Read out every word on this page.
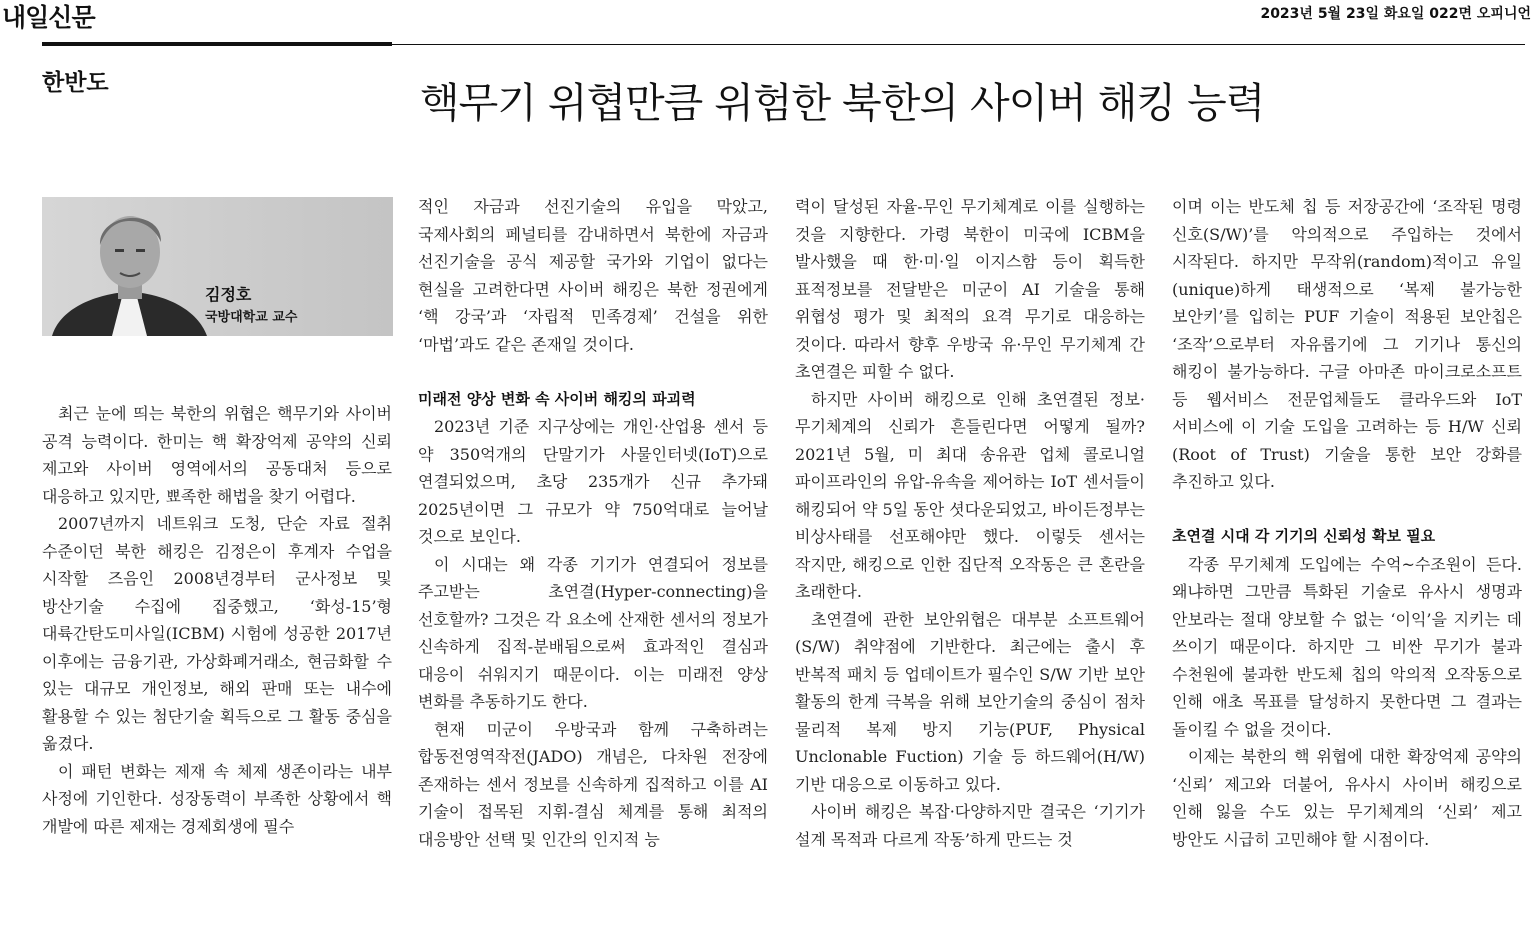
내일신문	2023년 5월 23일 화요일 022면 오피니언
한반도	핵무기 위협만큼 위험한 북한의 사이버 해킹 능력
김정호
국방대학교 교수

최근 눈에 띄는 북한의 위협은 핵무기와 사이버 공격 능력이다. 한미는 핵 확장억제 공약의 신뢰 제고와 사이버 영역에서의 공동대처 등으로 대응하고 있지만, 뾰족한 해법을 찾기 어렵다.

2007년까지 네트워크 도청, 단순 자료 절취 수준이던 북한 해킹은 김정은이 후계자 수업을 시작할 즈음인 2008년경부터 군사정보 및 방산기술 수집에 집중했고, ‘화성-15’형 대륙간탄도미사일(ICBM) 시험에 성공한 2017년 이후에는 금융기관, 가상화폐거래소, 현금화할 수 있는 대규모 개인정보, 해외 판매 또는 내수에 활용할 수 있는 첨단기술 획득으로 그 활동 중심을 옮겼다.

이 패턴 변화는 제재 속 체제 생존이라는 내부 사정에 기인한다. 성장동력이 부족한 상황에서 핵 개발에 따른 제재는 경제회생에 필수

적인 자금과 선진기술의 유입을 막았고, 국제사회의 페널티를 감내하면서 북한에 자금과 선진기술을 공식 제공할 국가와 기업이 없다는 현실을 고려한다면 사이버 해킹은 북한 정권에게 ‘핵 강국’과 ‘자립적 민족경제’ 건설을 위한 ‘마법’과도 같은 존재일 것이다.

미래전 양상 변화 속 사이버 해킹의 파괴력

2023년 기준 지구상에는 개인·산업용 센서 등 약 350억개의 단말기가 사물인터넷(IoT)으로 연결되었으며, 초당 235개가 신규 추가돼 2025년이면 그 규모가 약 750억대로 늘어날 것으로 보인다.

이 시대는 왜 각종 기기가 연결되어 정보를 주고받는 초연결(Hyper-connecting)을 선호할까? 그것은 각 요소에 산재한 센서의 정보가 신속하게 집적-분배됨으로써 효과적인 결심과 대응이 쉬워지기 때문이다. 이는 미래전 양상 변화를 추동하기도 한다.

현재 미군이 우방국과 함께 구축하려는 합동전영역작전(JADO) 개념은, 다차원 전장에 존재하는 센서 정보를 신속하게 집적하고 이를 AI 기술이 접목된 지휘-결심 체계를 통해 최적의 대응방안 선택 및 인간의 인지적 능

력이 달성된 자율-무인 무기체계로 이를 실행하는 것을 지향한다. 가령 북한이 미국에 ICBM을 발사했을 때 한·미·일 이지스함 등이 획득한 표적정보를 전달받은 미군이 AI 기술을 통해 위협성 평가 및 최적의 요격 무기로 대응하는 것이다. 따라서 향후 우방국 유·무인 무기체계 간 초연결은 피할 수 없다.

하지만 사이버 해킹으로 인해 초연결된 정보·무기체계의 신뢰가 흔들린다면 어떻게 될까? 2021년 5월, 미 최대 송유관 업체 콜로니얼 파이프라인의 유압-유속을 제어하는 IoT 센서들이 해킹되어 약 5일 동안 셧다운되었고, 바이든정부는 비상사태를 선포해야만 했다. 이렇듯 센서는 작지만, 해킹으로 인한 집단적 오작동은 큰 혼란을 초래한다.

초연결에 관한 보안위협은 대부분 소프트웨어(S/W) 취약점에 기반한다. 최근에는 출시 후 반복적 패치 등 업데이트가 필수인 S/W 기반 보안 활동의 한계 극복을 위해 보안기술의 중심이 점차 물리적 복제 방지 기능(PUF, Physical Unclonable Fuction) 기술 등 하드웨어(H/W) 기반 대응으로 이동하고 있다.

사이버 해킹은 복잡·다양하지만 결국은 ‘기기가 설계 목적과 다르게 작동’하게 만드는 것

이며 이는 반도체 칩 등 저장공간에 ‘조작된 명령 신호(S/W)’를 악의적으로 주입하는 것에서 시작된다. 하지만 무작위(random)적이고 유일(unique)하게 태생적으로 ‘복제 불가능한 보안키’를 입히는 PUF 기술이 적용된 보안칩은 ‘조작’으로부터 자유롭기에 그 기기나 통신의 해킹이 불가능하다. 구글 아마존 마이크로소프트 등 웹서비스 전문업체들도 클라우드와 IoT 서비스에 이 기술 도입을 고려하는 등 H/W 신뢰(Root of Trust) 기술을 통한 보안 강화를 추진하고 있다.

초연결 시대 각 기기의 신뢰성 확보 필요

각종 무기체계 도입에는 수억~수조원이 든다. 왜냐하면 그만큼 특화된 기술로 유사시 생명과 안보라는 절대 양보할 수 없는 ‘이익’을 지키는 데 쓰이기 때문이다. 하지만 그 비싼 무기가 불과 수천원에 불과한 반도체 칩의 악의적 오작동으로 인해 애초 목표를 달성하지 못한다면 그 결과는 돌이킬 수 없을 것이다.

이제는 북한의 핵 위협에 대한 확장억제 공약의 ‘신뢰’ 제고와 더불어, 유사시 사이버 해킹으로 인해 잃을 수도 있는 무기체계의 ‘신뢰’ 제고 방안도 시급히 고민해야 할 시점이다.
